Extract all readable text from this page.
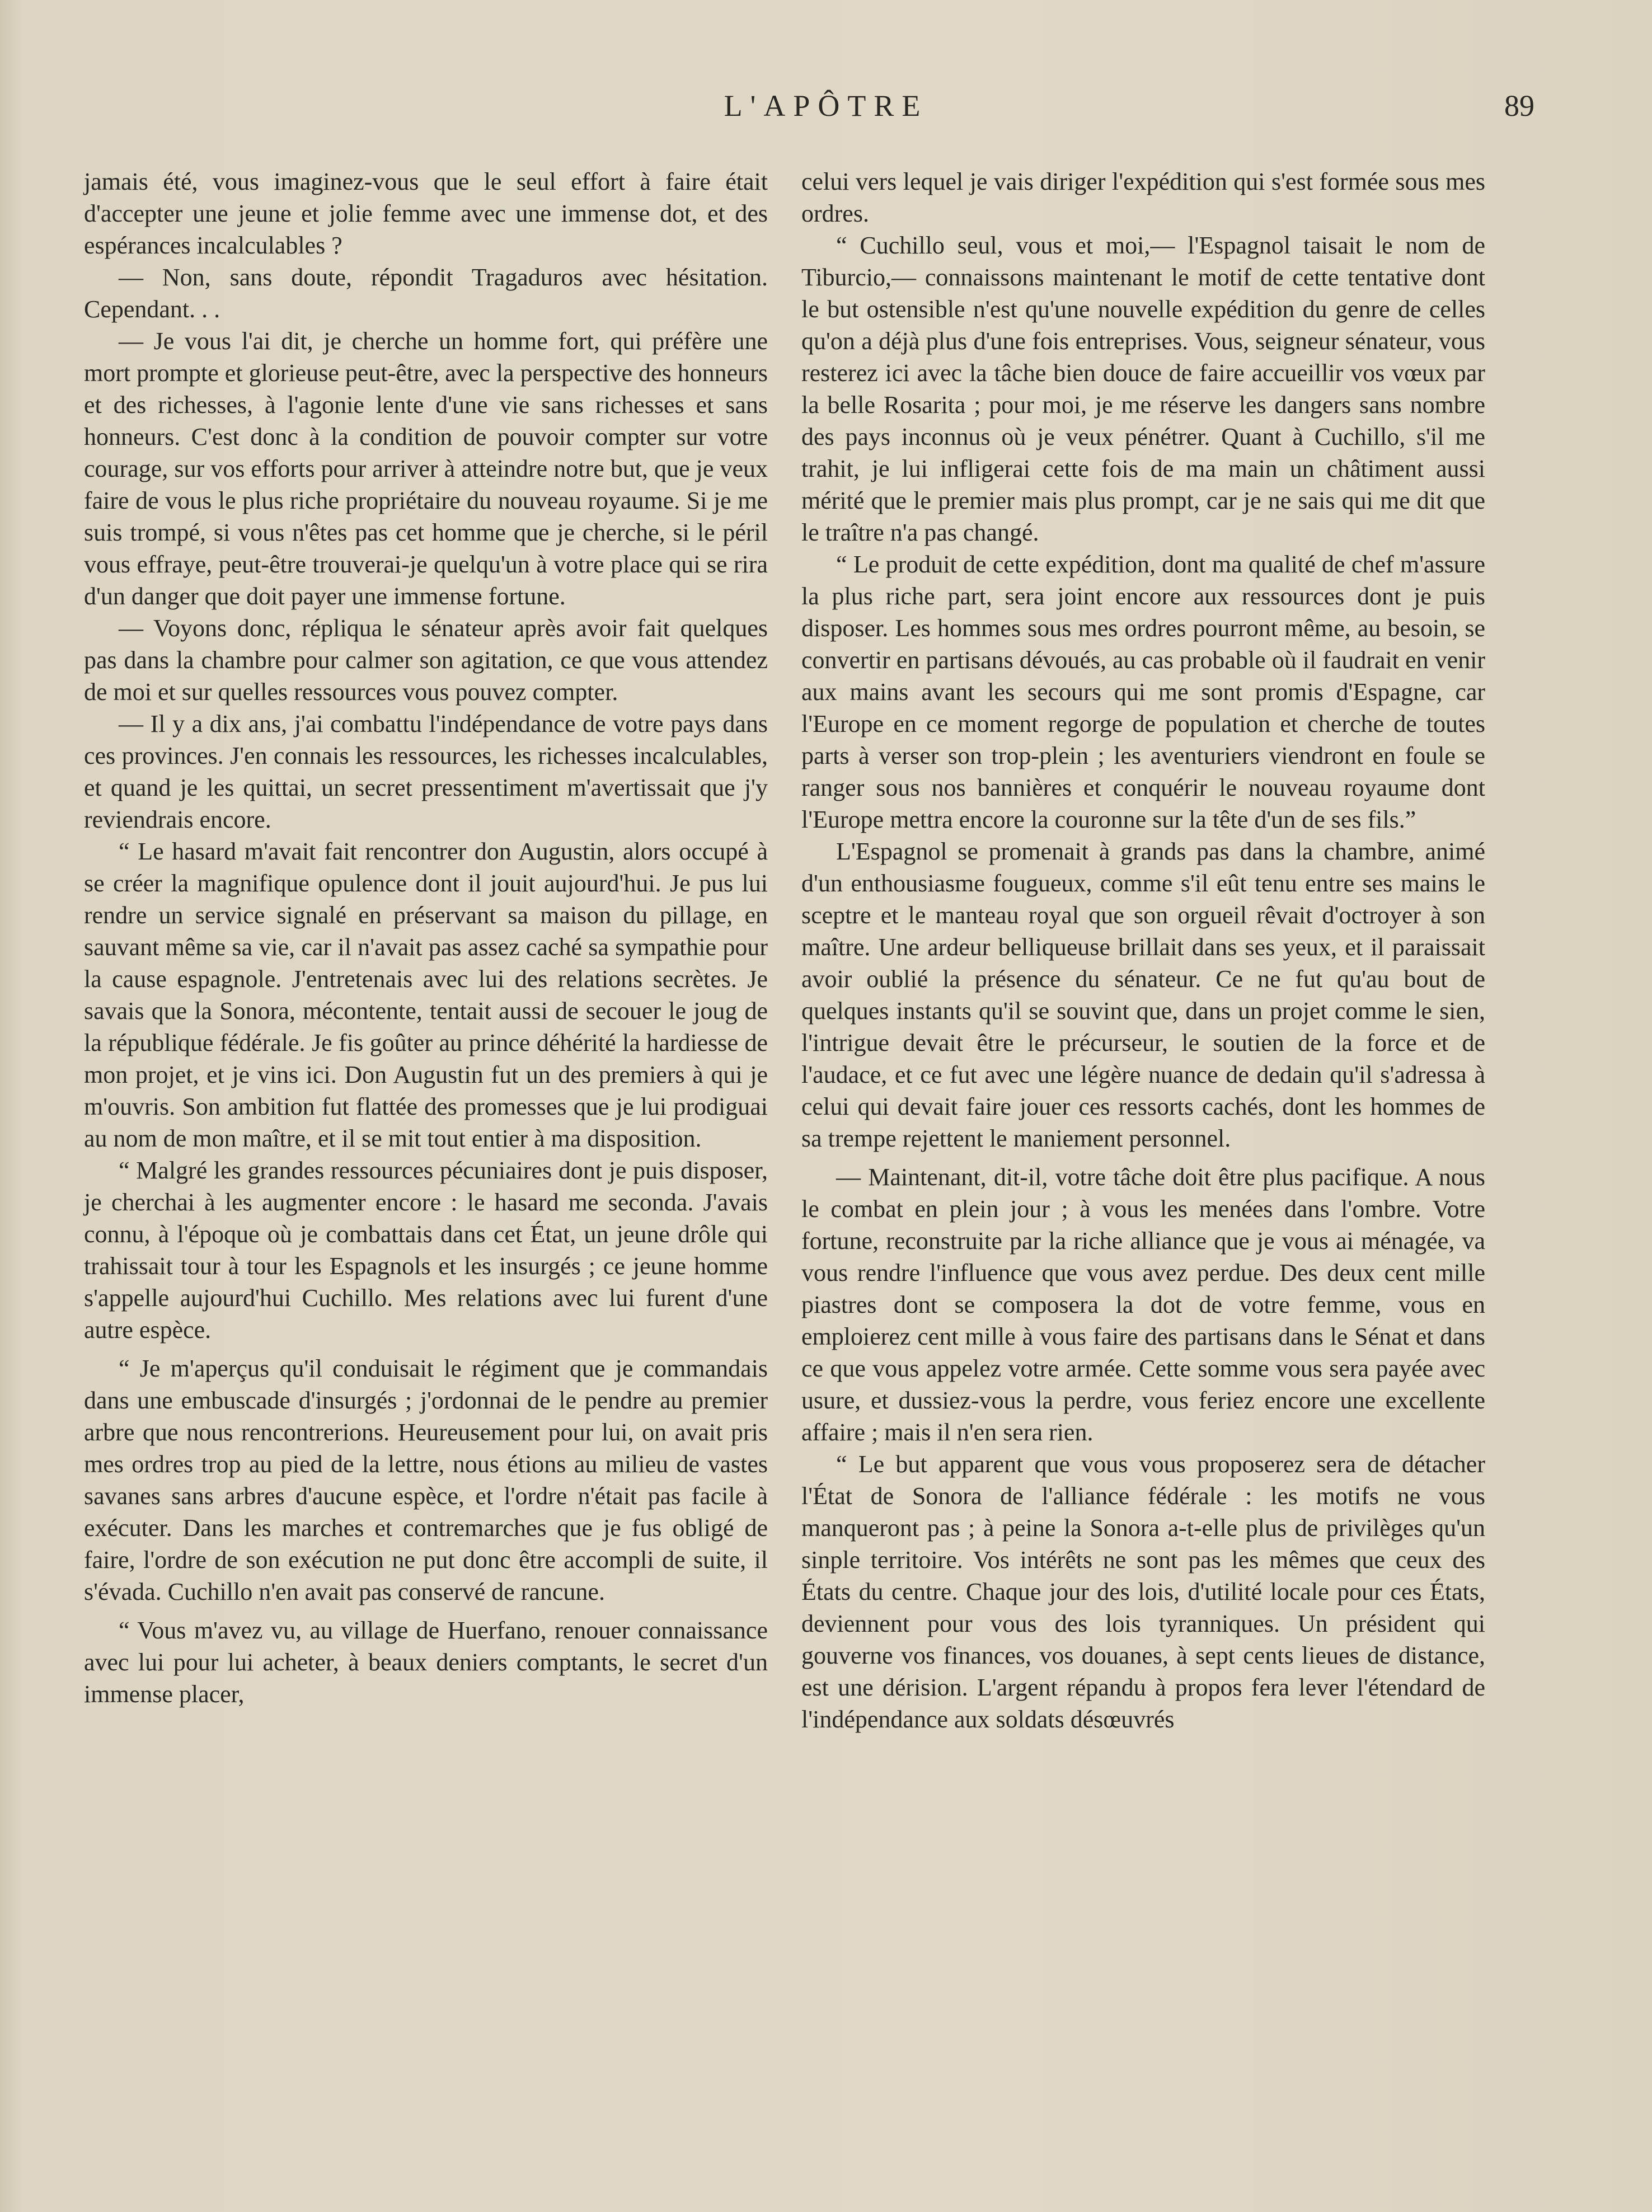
L'APÔTRE	89

jamais été, vous imaginez-vous que le seul effort à faire était d'accepter une jeune et jolie femme avec une immense dot, et des espérances incalculables ?

— Non, sans doute, répondit Tragaduros avec hésitation. Cependant. . .

— Je vous l'ai dit, je cherche un homme fort, qui préfère une mort prompte et glorieuse peut-être, avec la perspective des honneurs et des richesses, à l'agonie lente d'une vie sans richesses et sans honneurs. C'est donc à la condition de pouvoir compter sur votre courage, sur vos efforts pour arriver à atteindre notre but, que je veux faire de vous le plus riche propriétaire du nouveau royaume. Si je me suis trompé, si vous n'êtes pas cet homme que je cherche, si le péril vous effraye, peut-être trouverai-je quelqu'un à votre place qui se rira d'un danger que doit payer une immense fortune.

— Voyons donc, répliqua le sénateur après avoir fait quelques pas dans la chambre pour calmer son agitation, ce que vous attendez de moi et sur quelles ressources vous pouvez compter.

— Il y a dix ans, j'ai combattu l'indépendance de votre pays dans ces provinces. J'en connais les ressources, les richesses incalculables, et quand je les quittai, un secret pressentiment m'avertissait que j'y reviendrais encore.

“ Le hasard m'avait fait rencontrer don Augustin, alors occupé à se créer la magnifique opulence dont il jouit aujourd'hui. Je pus lui rendre un service signalé en préservant sa maison du pillage, en sauvant même sa vie, car il n'avait pas assez caché sa sympathie pour la cause espagnole. J'entretenais avec lui des relations secrètes. Je savais que la Sonora, mécontente, tentait aussi de secouer le joug de la république fédérale. Je fis goûter au prince déhérité la hardiesse de mon projet, et je vins ici. Don Augustin fut un des premiers à qui je m'ouvris. Son ambition fut flattée des promesses que je lui prodiguai au nom de mon maître, et il se mit tout entier à ma disposition.

“ Malgré les grandes ressources pécuniaires dont je puis disposer, je cherchai à les augmenter encore : le hasard me seconda. J'avais connu, à l'époque où je combattais dans cet État, un jeune drôle qui trahissait tour à tour les Espagnols et les insurgés ; ce jeune homme s'appelle aujourd'hui Cuchillo. Mes relations avec lui furent d'une autre espèce.

“ Je m'aperçus qu'il conduisait le régiment que je commandais dans une embuscade d'insurgés ; j'ordonnai de le pendre au premier arbre que nous rencontrerions. Heureusement pour lui, on avait pris mes ordres trop au pied de la lettre, nous étions au milieu de vastes savanes sans arbres d'aucune espèce, et l'ordre n'était pas facile à exécuter. Dans les marches et contremarches que je fus obligé de faire, l'ordre de son exécution ne put donc être accompli de suite, il s'évada. Cuchillo n'en avait pas conservé de rancune.

“ Vous m'avez vu, au village de Huerfano, renouer connaissance avec lui pour lui acheter, à beaux deniers comptants, le secret d'un immense placer,

celui vers lequel je vais diriger l'expédition qui s'est formée sous mes ordres.

“ Cuchillo seul, vous et moi,— l'Espagnol taisait le nom de Tiburcio,— connaissons maintenant le motif de cette tentative dont le but ostensible n'est qu'une nouvelle expédition du genre de celles qu'on a déjà plus d'une fois entreprises. Vous, seigneur sénateur, vous resterez ici avec la tâche bien douce de faire accueillir vos vœux par la belle Rosarita ; pour moi, je me réserve les dangers sans nombre des pays inconnus où je veux pénétrer. Quant à Cuchillo, s'il me trahit, je lui infligerai cette fois de ma main un châtiment aussi mérité que le premier mais plus prompt, car je ne sais qui me dit que le traître n'a pas changé.

“ Le produit de cette expédition, dont ma qualité de chef m'assure la plus riche part, sera joint encore aux ressources dont je puis disposer. Les hommes sous mes ordres pourront même, au besoin, se convertir en partisans dévoués, au cas probable où il faudrait en venir aux mains avant les secours qui me sont promis d'Espagne, car l'Europe en ce moment regorge de population et cherche de toutes parts à verser son trop-plein ; les aventuriers viendront en foule se ranger sous nos bannières et conquérir le nouveau royaume dont l'Europe mettra encore la couronne sur la tête d'un de ses fils.”

L'Espagnol se promenait à grands pas dans la chambre, animé d'un enthousiasme fougueux, comme s'il eût tenu entre ses mains le sceptre et le manteau royal que son orgueil rêvait d'octroyer à son maître. Une ardeur belliqueuse brillait dans ses yeux, et il paraissait avoir oublié la présence du sénateur. Ce ne fut qu'au bout de quelques instants qu'il se souvint que, dans un projet comme le sien, l'intrigue devait être le précurseur, le soutien de la force et de l'audace, et ce fut avec une légère nuance de dedain qu'il s'adressa à celui qui devait faire jouer ces ressorts cachés, dont les hommes de sa trempe rejettent le maniement personnel.

— Maintenant, dit-il, votre tâche doit être plus pacifique. A nous le combat en plein jour ; à vous les menées dans l'ombre. Votre fortune, reconstruite par la riche alliance que je vous ai ménagée, va vous rendre l'influence que vous avez perdue. Des deux cent mille piastres dont se composera la dot de votre femme, vous en emploierez cent mille à vous faire des partisans dans le Sénat et dans ce que vous appelez votre armée. Cette somme vous sera payée avec usure, et dussiez-vous la perdre, vous feriez encore une excellente affaire ; mais il n'en sera rien.

“ Le but apparent que vous vous proposerez sera de détacher l'État de Sonora de l'alliance fédérale : les motifs ne vous manqueront pas ; à peine la Sonora a-t-elle plus de privilèges qu'un sinple territoire. Vos intérêts ne sont pas les mêmes que ceux des États du centre. Chaque jour des lois, d'utilité locale pour ces États, deviennent pour vous des lois tyranniques. Un président qui gouverne vos finances, vos douanes, à sept cents lieues de distance, est une dérision. L'argent répandu à propos fera lever l'étendard de l'indépendance aux soldats désœuvrés
